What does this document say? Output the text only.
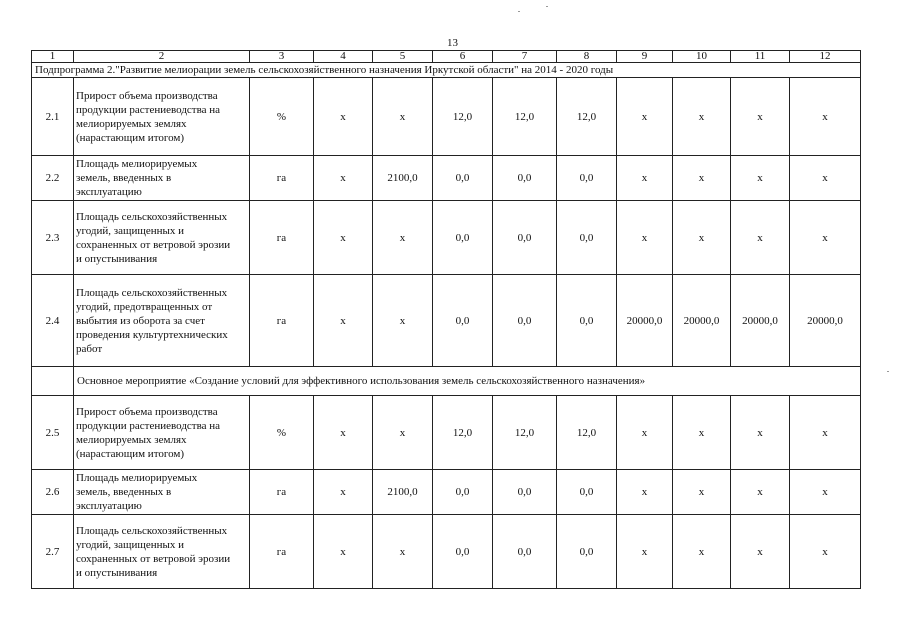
13
1	2	3	4	5	6	7	8	9	10	11	12
Подпрограмма 2."Развитие мелиорации земель сельскохозяйственного назначения Иркутской области" на 2014 - 2020 годы											
2.1	Прирост объема производства
продукции растениеводства на
мелиорируемых землях
(нарастающим итогом)	%	x	x	12,0	12,0	12,0	x	x	x	x
2.2	Площадь мелиорируемых
земель, введенных в
эксплуатацию	га	x	2100,0	0,0	0,0	0,0	x	x	x	x
2.3	Площадь сельскохозяйственных
угодий, защищенных и
сохраненных от ветровой эрозии
и опустынивания	га	x	x	0,0	0,0	0,0	x	x	x	x
2.4	Площадь сельскохозяйственных
угодий, предотвращенных от
выбытия из оборота за счет
проведения культуртехнических
работ	га	x	x	0,0	0,0	0,0	20000,0	20000,0	20000,0	20000,0
	Основное мероприятие «Создание условий для эффективного использования земель сельскохозяйственного назначения»										
2.5	Прирост объема производства
продукции растениеводства на
мелиорируемых землях
(нарастающим итогом)	%	x	x	12,0	12,0	12,0	x	x	x	x
2.6	Площадь мелиорируемых
земель, введенных в
эксплуатацию	га	x	2100,0	0,0	0,0	0,0	x	x	x	x
2.7	Площадь сельскохозяйственных
угодий, защищенных и
сохраненных от ветровой эрозии
и опустынивания	га	x	x	0,0	0,0	0,0	x	x	x	x
